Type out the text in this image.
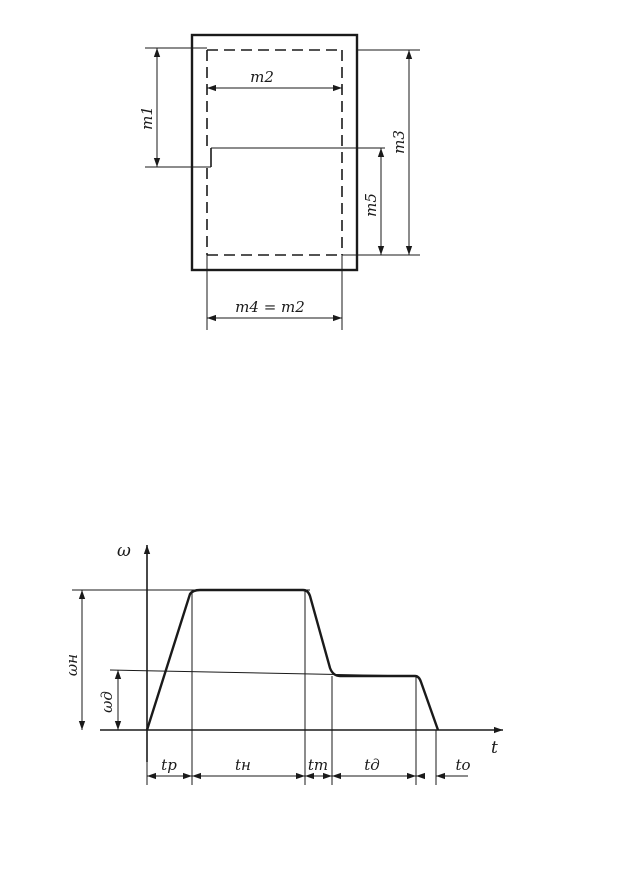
m1
m2
m3
m5
m4 = m2
ω
t
ωн
ωд
tр	tн	tт tд	to
